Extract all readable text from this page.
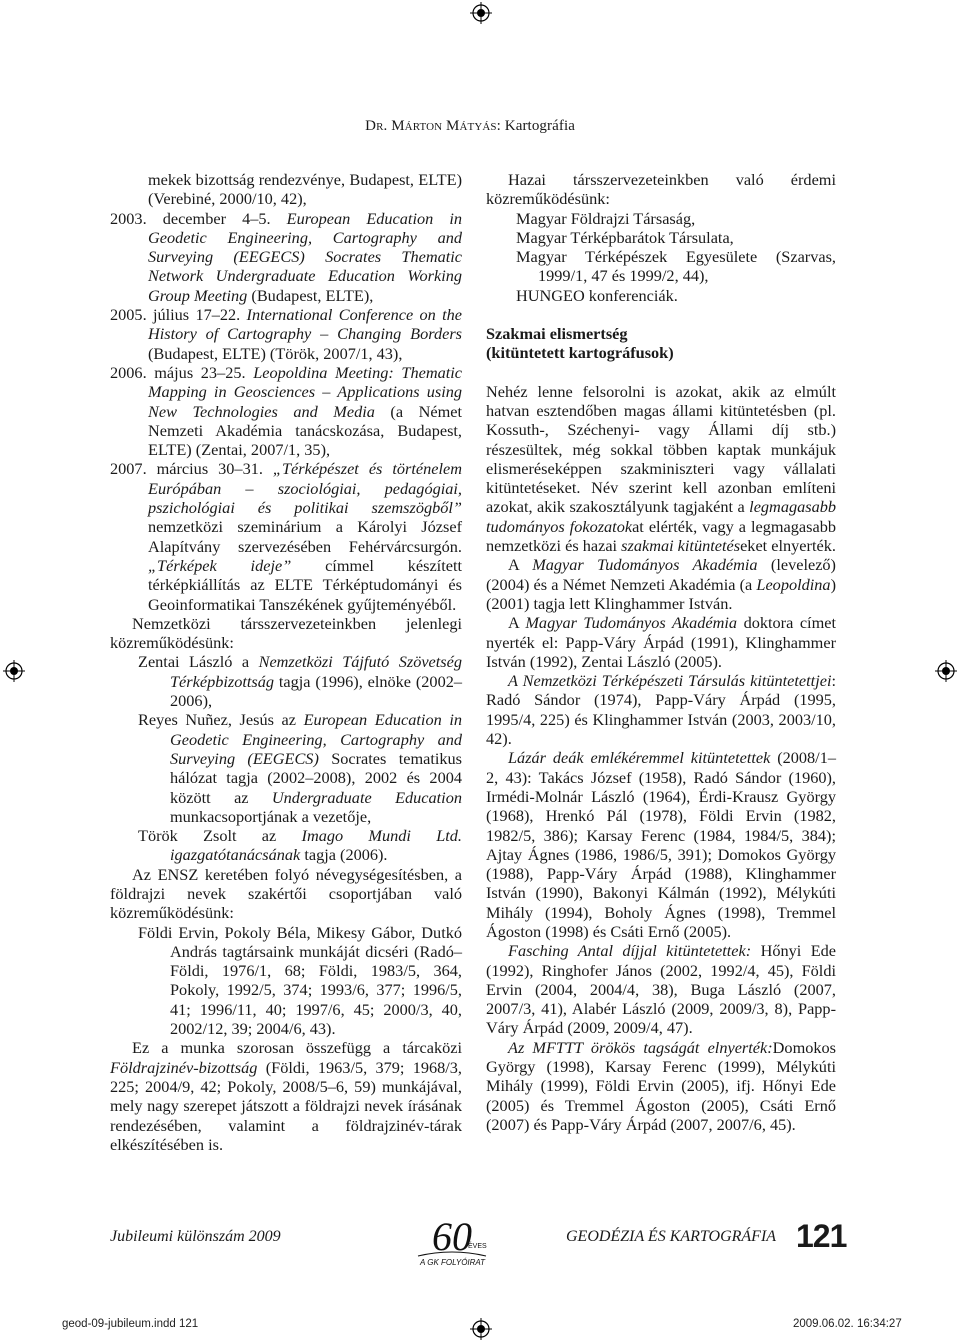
Dr. Márton Mátyás: Kartográfia

mekek bizottság rendezvénye, Budapest, ELTE) (Verebiné, 2000/10, 42),

2003. december 4–5. European Education in Geodetic Engineering, Cartography and Surveying (EEGECS) Socrates Thematic Network Undergraduate Education Working Group Meeting (Budapest, ELTE),

2005. július 17–22. International Conference on the History of Cartography – Changing Borders (Budapest, ELTE) (Török, 2007/1, 43),

2006. május 23–25. Leopoldina Meeting: Thematic Mapping in Geosciences – Applications using New Technologies and Media (a Német Nemzeti Akadémia tanácskozása, Budapest, ELTE) (Zentai, 2007/1, 35),

2007. március 30–31. „Térképészet és történelem Európában – szociológiai, pedagógiai, pszichológiai és politikai szemszögből” nemzetközi szeminárium a Károlyi József Alapítvány szervezésében Fehérvárcsurgón. „Térképek ideje” címmel készített térképkiállítás az ELTE Térképtudományi és Geoinformatikai Tanszékének gyűjteményéből.

Nemzetközi társszervezeteinkben jelenlegi közreműködésünk:

Zentai László a Nemzetközi Tájfutó Szövetség Térképbizottság tagja (1996), elnöke (2002–2006),

Reyes Nuñez, Jesús az European Education in Geodetic Engineering, Cartography and Surveying (EEGECS) Socrates tematikus hálózat tagja (2002–2008), 2002 és 2004 között az Undergraduate Education munkacsoportjának a vezetője,

Török Zsolt az Imago Mundi Ltd. igazgatótanácsának tagja (2006).

Az ENSZ keretében folyó névegységesítésben, a földrajzi nevek szakértői csoportjában való közreműködésünk:

Földi Ervin, Pokoly Béla, Mikesy Gábor, Dutkó András tagtársaink munkáját dicséri (Radó–Földi, 1976/1, 68; Földi, 1983/5, 364, Pokoly, 1992/5, 374; 1993/6, 377; 1996/5, 41; 1996/11, 40; 1997/6, 45; 2000/3, 40, 2002/12, 39; 2004/6, 43).

Ez a munka szorosan összefügg a tárcaközi Földrajzinév-bizottság (Földi, 1963/5, 379; 1968/3, 225; 2004/9, 42; Pokoly, 2008/5–6, 59) munkájával, mely nagy szerepet játszott a földrajzi nevek írásának rendezésében, valamint a földrajzinév-tárak elkészítésében is.

Hazai társszervezeteinkben való érdemi közreműködésünk:

Magyar Földrajzi Társaság,

Magyar Térképbarátok Társulata,

Magyar Térképészek Egyesülete (Szarvas, 1999/1, 47 és 1999/2, 44),

HUNGEO konferenciák.

Szakmai elismertség

(kitüntetett kartográfusok)

Nehéz lenne felsorolni is azokat, akik az elmúlt hatvan esztendőben magas állami kitüntetésben (pl. Kossuth-, Széchenyi- vagy Állami díj stb.) részesültek, még sokkal többen kaptak munkájuk elismeréseképpen szakminiszteri vagy vállalati kitüntetéseket. Név szerint kell azonban említeni azokat, akik szakosztályunk tagjaként a legmagasabb tudományos fokozatokat elérték, vagy a legmagasabb nemzetközi és hazai szakmai kitüntetéseket elnyerték.

A Magyar Tudományos Akadémia (levelező) (2004) és a Német Nemzeti Akadémia (a Leopoldina) (2001) tagja lett Klinghammer István.

A Magyar Tudományos Akadémia doktora címet nyerték el: Papp-Váry Árpád (1991), Klinghammer István (1992), Zentai László (2005).

A Nemzetközi Térképészeti Társulás kitüntetettjei: Radó Sándor (1974), Papp-Váry Árpád (1995, 1995/4, 225) és Klinghammer István (2003, 2003/10, 42).

Lázár deák emlékéremmel kitüntetettek (2008/1–2, 43): Takács József (1958), Radó Sándor (1960), Irmédi-Molnár László (1964), Érdi-Krausz György (1968), Hrenkó Pál (1978), Földi Ervin (1982, 1982/5, 386); Karsay Ferenc (1984, 1984/5, 384); Ajtay Ágnes (1986, 1986/5, 391); Domokos György (1988), Papp-Váry Árpád (1988), Klinghammer István (1990), Bakonyi Kálmán (1992), Mélykúti Mihály (1994), Boholy Ágnes (1998), Tremmel Ágoston (1998) és Csáti Ernő (2005).

Fasching Antal díjjal kitüntetettek: Hőnyi Ede (1992), Ringhofer János (2002, 1992/4, 45), Földi Ervin (2004, 2004/4, 38), Buga László (2007, 2007/3, 41), Alabér László (2009, 2009/3, 8), Papp-Váry Árpád (2009, 2009/4, 47).

Az MFTTT örökös tagságát elnyerték:Domokos György (1998), Karsay Ferenc (1999), Mélykúti Mihály (1999), Földi Ervin (2005), ifj. Hőnyi Ede (2005) és Tremmel Ágoston (2005), Csáti Ernő (2007) és Papp-Váry Árpád (2007, 2007/6, 45).

Jubileumi különszám 2009	60
ÉVES
A GK FOLYÓIRAT
GEODÉZIA ÉS KARTOGRÁFIA 121
geod-09-jubileum.indd 121	2009.06.02. 16:34:27
